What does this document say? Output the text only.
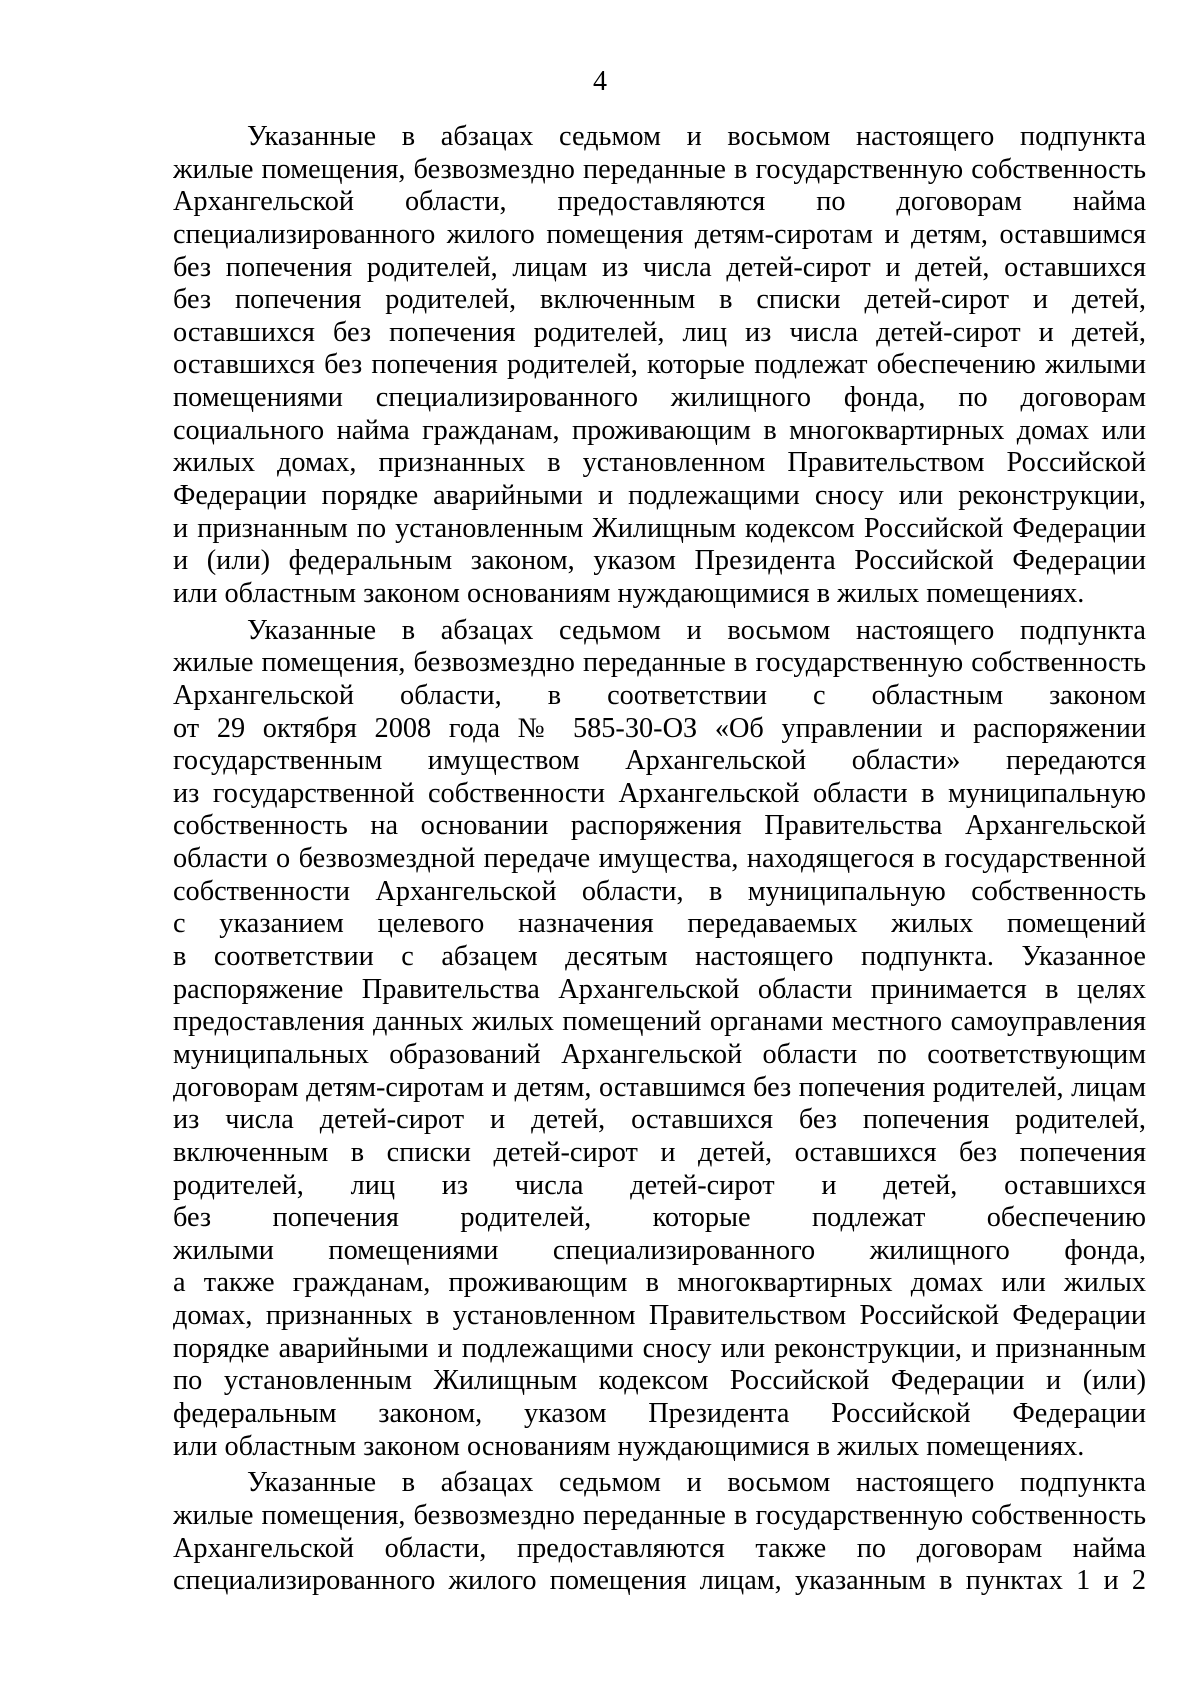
4
Указанные в абзацах седьмом и восьмом настоящего подпункта
жилые помещения, безвозмездно переданные в государственную собственность
Архангельской области, предоставляются по договорам найма
специализированного жилого помещения детям-сиротам и детям, оставшимся
без попечения родителей, лицам из числа детей-сирот и детей, оставшихся
без попечения родителей, включенным в списки детей-сирот и детей,
оставшихся без попечения родителей, лиц из числа детей-сирот и детей,
оставшихся без попечения родителей, которые подлежат обеспечению жилыми
помещениями специализированного жилищного фонда, по договорам
социального найма гражданам, проживающим в многоквартирных домах или
жилых домах, признанных в установленном Правительством Российской
Федерации порядке аварийными и подлежащими сносу или реконструкции,
и признанным по установленным Жилищным кодексом Российской Федерации
и (или) федеральным законом, указом Президента Российской Федерации
или областным законом основаниям нуждающимися в жилых помещениях.
Указанные в абзацах седьмом и восьмом настоящего подпункта
жилые помещения, безвозмездно переданные в государственную собственность
Архангельской области, в соответствии с областным законом
от 29 октября 2008 года № 585-30-ОЗ «Об управлении и распоряжении
государственным имуществом Архангельской области» передаются
из государственной собственности Архангельской области в муниципальную
собственность на основании распоряжения Правительства Архангельской
области о безвозмездной передаче имущества, находящегося в государственной
собственности Архангельской области, в муниципальную собственность
с указанием целевого назначения передаваемых жилых помещений
в соответствии с абзацем десятым настоящего подпункта. Указанное
распоряжение Правительства Архангельской области принимается в целях
предоставления данных жилых помещений органами местного самоуправления
муниципальных образований Архангельской области по соответствующим
договорам детям-сиротам и детям, оставшимся без попечения родителей, лицам
из числа детей-сирот и детей, оставшихся без попечения родителей,
включенным в списки детей-сирот и детей, оставшихся без попечения
родителей, лиц из числа детей-сирот и детей, оставшихся
без попечения родителей, которые подлежат обеспечению
жилыми помещениями специализированного жилищного фонда,
а также гражданам, проживающим в многоквартирных домах или жилых
домах, признанных в установленном Правительством Российской Федерации
порядке аварийными и подлежащими сносу или реконструкции, и признанным
по установленным Жилищным кодексом Российской Федерации и (или)
федеральным законом, указом Президента Российской Федерации
или областным законом основаниям нуждающимися в жилых помещениях.
Указанные в абзацах седьмом и восьмом настоящего подпункта
жилые помещения, безвозмездно переданные в государственную собственность
Архангельской области, предоставляются также по договорам найма
специализированного жилого помещения лицам, указанным в пунктах 1 и 2
